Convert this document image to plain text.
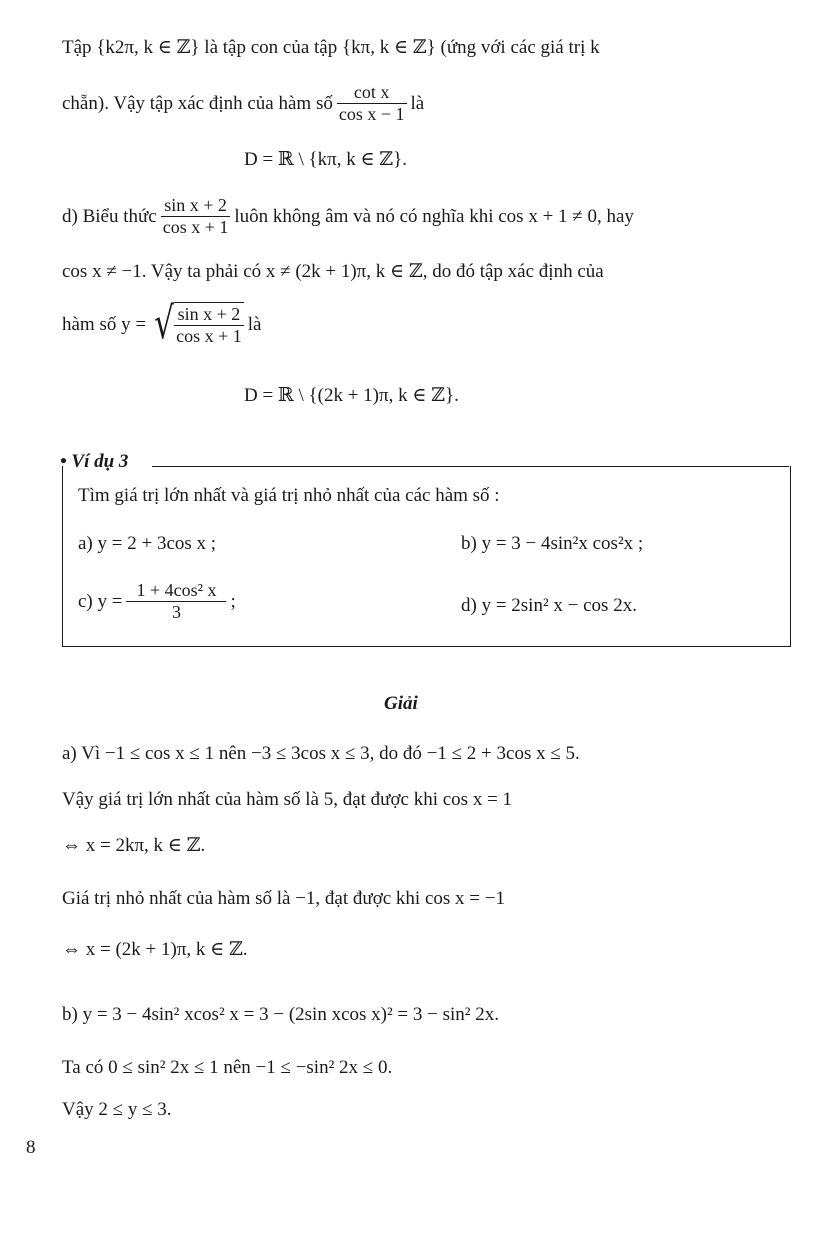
Tập {k2π, k ∈ ℤ} là tập con của tập {kπ, k ∈ ℤ} (ứng với các giá trị k
chẵn). Vậy tập xác định của hàm số $\frac{\text{cot x}}{\text{cos x − 1}}$ là
D = ℝ \ {kπ, k ∈ ℤ}.
d) Biểu thức $\frac{\text{sin x + 2}}{\text{cos x + 1}}$ luôn không âm và nó có nghĩa khi cos x + 1 ≠ 0, hay
cos x ≠ −1. Vậy ta phải có x ≠ (2k + 1)π, k ∈ ℤ, do đó tập xác định của
hàm số y = √ $\frac{\text{sin x + 2}}{\text{cos x + 1}}$ là
D = ℝ \ {(2k + 1)π, k ∈ ℤ}.
• Ví dụ 3
Tìm giá trị lớn nhất và giá trị nhỏ nhất của các hàm số :
a) y = 2 + 3cos x ;	b) y = 3 − 4sin²x cos²x ;
c) $y = \frac{\text{1 + 4cos² x}}{3}$ ;	d) y = 2sin² x − cos 2x.
Giải
a) Vì −1 ≤ cos x ≤ 1 nên −3 ≤ 3cos x ≤ 3, do đó −1 ≤ 2 + 3cos x ≤ 5.
Vậy giá trị lớn nhất của hàm số là 5, đạt được khi cos x = 1
⇔ x = 2kπ, k ∈ ℤ.
Giá trị nhỏ nhất của hàm số là −1, đạt được khi cos x = −1
⇔ x = (2k + 1)π, k ∈ ℤ.
b) y = 3 − 4sin² xcos² x = 3 − (2sin xcos x)² = 3 − sin² 2x.
Ta có 0 ≤ sin² 2x ≤ 1 nên −1 ≤ −sin² 2x ≤ 0.
Vậy 2 ≤ y ≤ 3.
8
